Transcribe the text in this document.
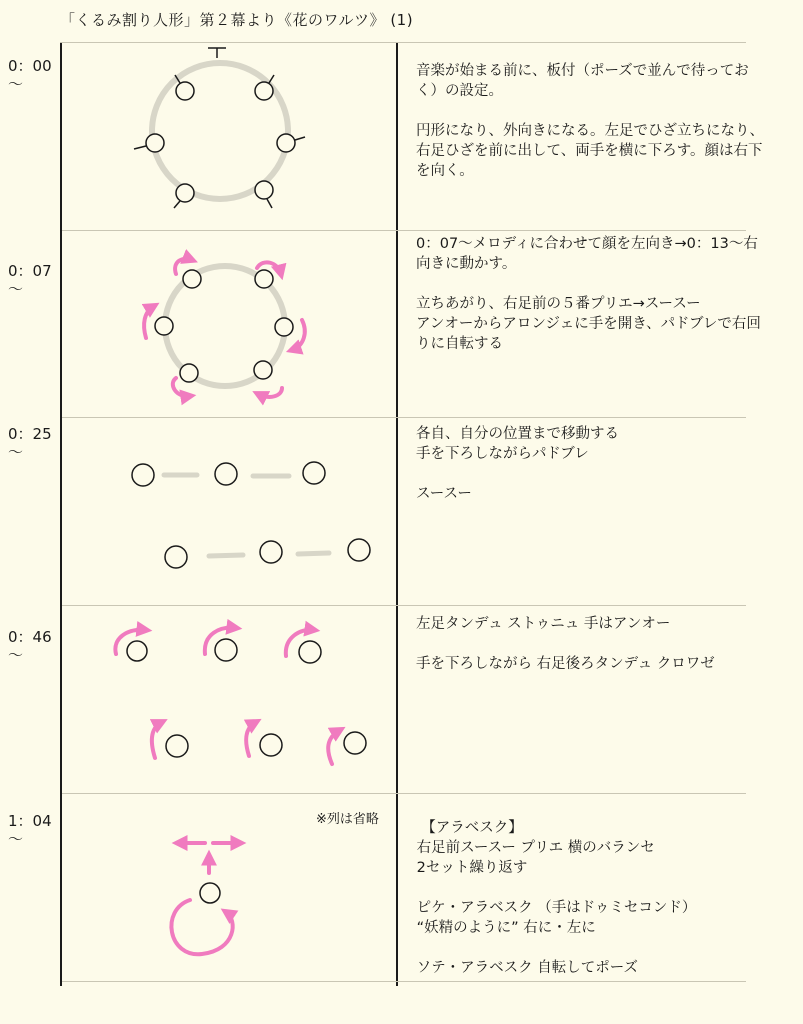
「くるみ割り人形」第２幕より《花のワルツ》 (1)
0：00
〜
0：07
〜
0：25
〜
0：46
〜
1：04
〜
音楽が始まる前に、板付（ポーズで並んで待っておく）の設定。

円形になり、外向きになる。左足でひざ立ちになり、右足ひざを前に出して、両手を横に下ろす。顔は右下を向く。
0：07〜メロディに合わせて顔を左向き→0：13〜右向きに動かす。

立ちあがり、右足前の５番プリエ→スースー
アンオーからアロンジェに手を開き、パドブレで右回りに自転する
各自、自分の位置まで移動する
手を下ろしながらパドブレ

スースー
左足タンデュ ストゥニュ 手はアンオー

手を下ろしながら 右足後ろタンデュ クロワゼ
【アラベスク】
右足前スースー プリエ 横のバランセ
2セット繰り返す

ピケ・アラベスク （手はドゥミセコンド）
“妖精のように” 右に・左に

ソテ・アラベスク 自転してポーズ
※列は省略
